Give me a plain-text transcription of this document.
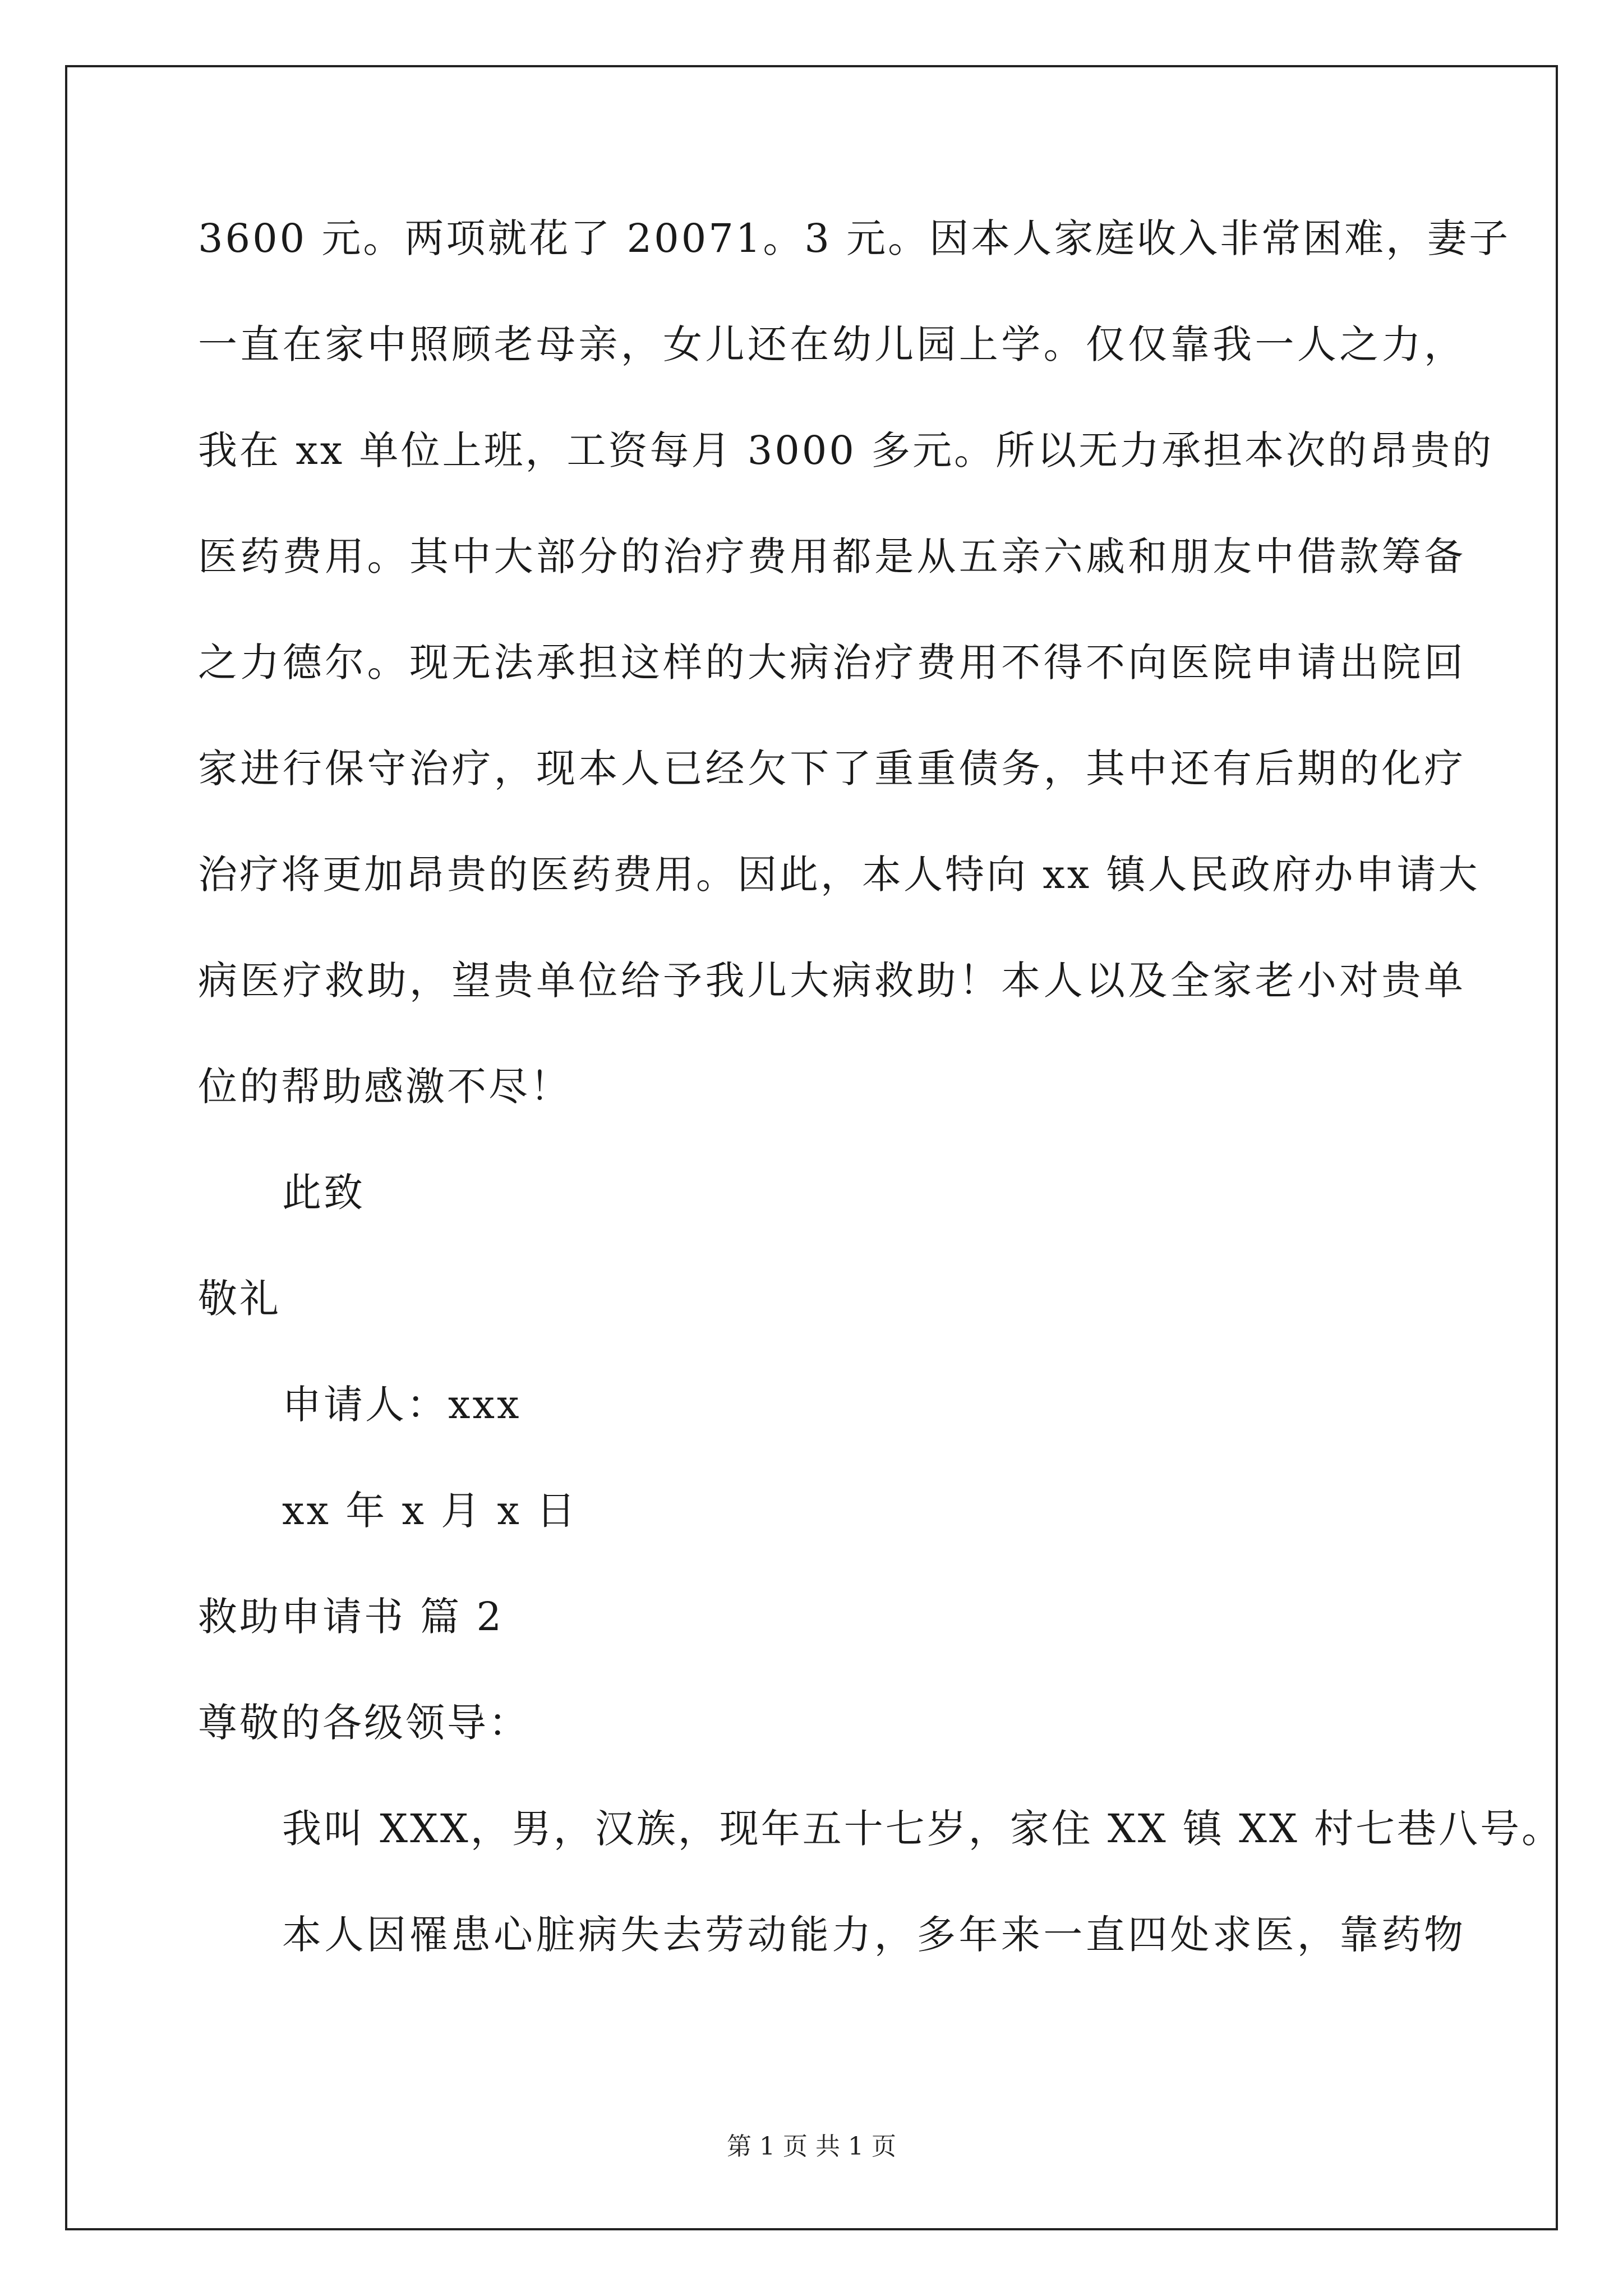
3600 元。两项就花了 20071。3 元。因本人家庭收入非常困难，妻子
一直在家中照顾老母亲，女儿还在幼儿园上学。仅仅靠我一人之力，
我在 xx 单位上班，工资每月 3000 多元。所以无力承担本次的昂贵的
医药费用。其中大部分的治疗费用都是从五亲六戚和朋友中借款筹备
之力德尔。现无法承担这样的大病治疗费用不得不向医院申请出院回
家进行保守治疗，现本人已经欠下了重重债务，其中还有后期的化疗
治疗将更加昂贵的医药费用。因此，本人特向 xx 镇人民政府办申请大
病医疗救助，望贵单位给予我儿大病救助！本人以及全家老小对贵单
位的帮助感激不尽！
此致
敬礼
申请人：xxx
xx 年 x 月 x 日
救助申请书 篇 2
尊敬的各级领导：
我叫 XXX，男，汉族，现年五十七岁，家住 XX 镇 XX 村七巷八号。
本人因罹患心脏病失去劳动能力，多年来一直四处求医，靠药物
第 1 页 共 1 页
